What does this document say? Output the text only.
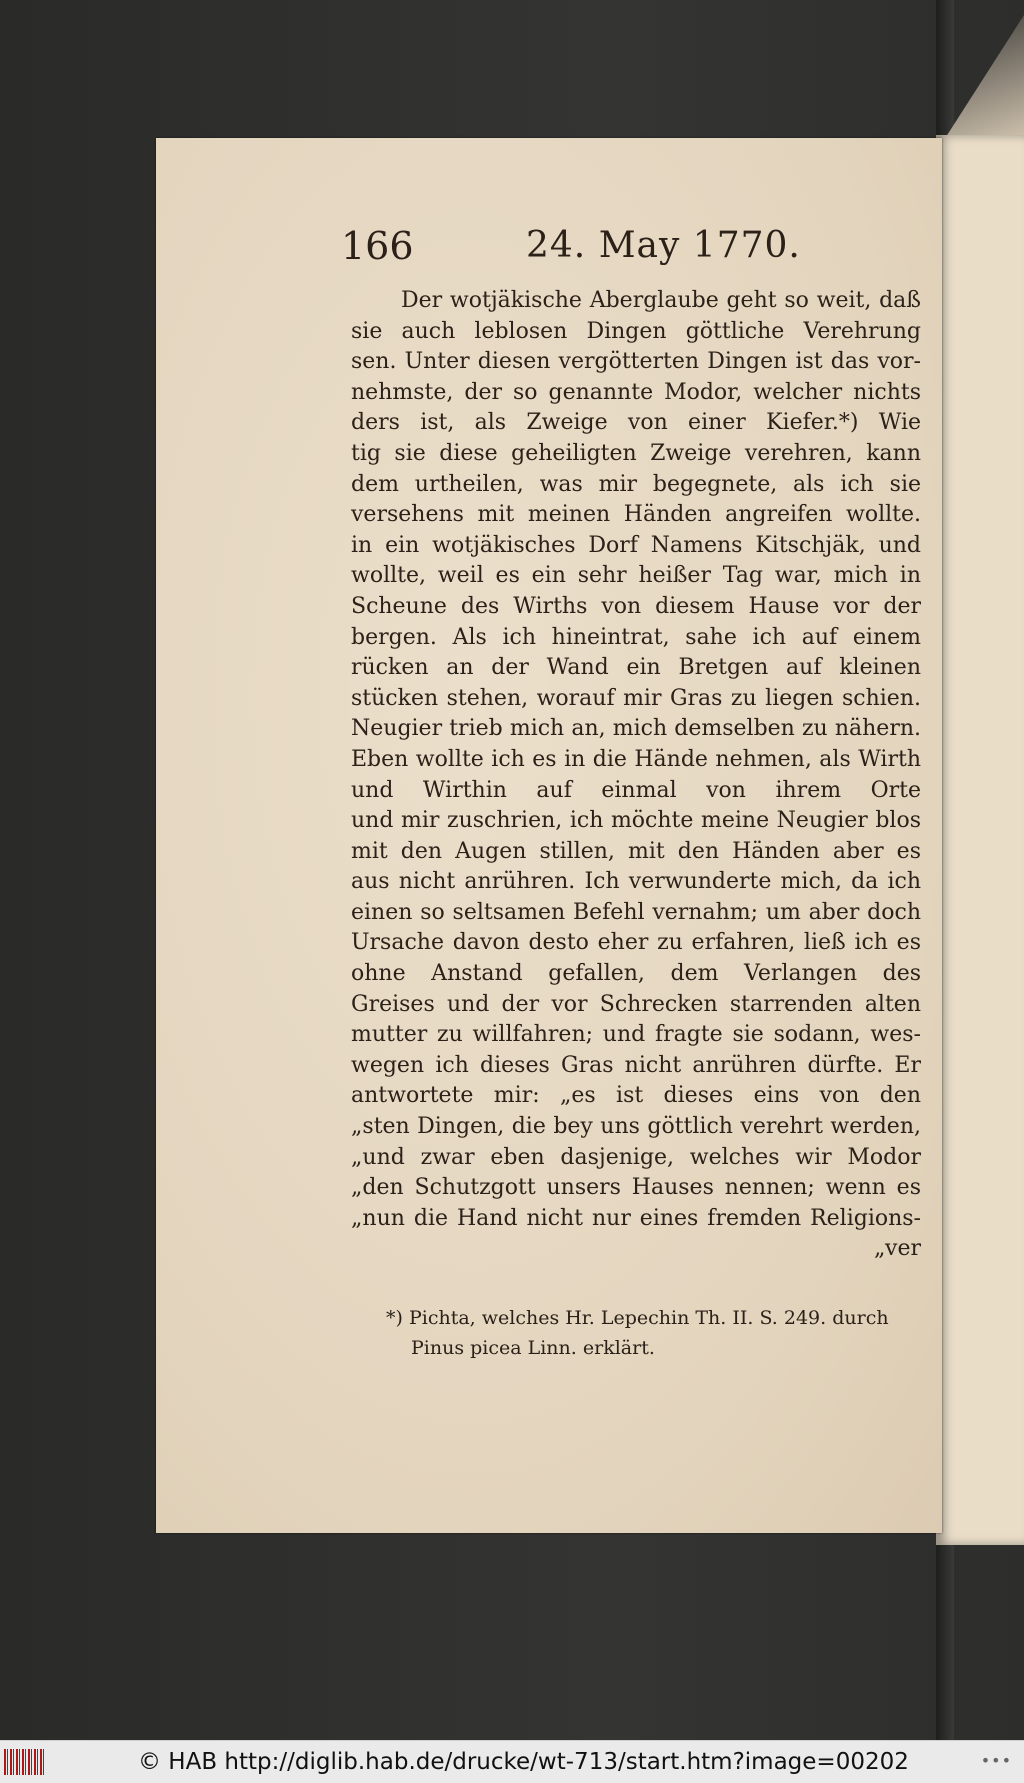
166	24. May 1770.
Der wotjäkische Aberglaube geht so weit, daß
sie auch leblosen Dingen göttliche Verehrung
sen. Unter diesen vergötterten Dingen ist das vor-
nehmste, der so genannte Modor, welcher nichts
ders ist, als Zweige von einer Kiefer.*) Wie
tig sie diese geheiligten Zweige verehren, kann
dem urtheilen, was mir begegnete, als ich sie
versehens mit meinen Händen angreifen wollte.
in ein wotjäkisches Dorf Namens Kitschjäk, und
wollte, weil es ein sehr heißer Tag war, mich in
Scheune des Wirths von diesem Hause vor der
bergen. Als ich hineintrat, sahe ich auf einem
rücken an der Wand ein Bretgen auf kleinen
stücken stehen, worauf mir Gras zu liegen schien.
Neugier trieb mich an, mich demselben zu nähern.
Eben wollte ich es in die Hände nehmen, als Wirth
und Wirthin auf einmal von ihrem Orte
und mir zuschrien, ich möchte meine Neugier blos
mit den Augen stillen, mit den Händen aber es
aus nicht anrühren. Ich verwunderte mich, da ich
einen so seltsamen Befehl vernahm; um aber doch
Ursache davon desto eher zu erfahren, ließ ich es
ohne Anstand gefallen, dem Verlangen des
Greises und der vor Schrecken starrenden alten
mutter zu willfahren; und fragte sie sodann, wes-
wegen ich dieses Gras nicht anrühren dürfte. Er
antwortete mir: „es ist dieses eins von den
„sten Dingen, die bey uns göttlich verehrt werden,
„und zwar eben dasjenige, welches wir Modor
„den Schutzgott unsers Hauses nennen; wenn es
„nun die Hand nicht nur eines fremden Religions-
„ver
*) Pichta, welches Hr. Lepechin Th. II. S. 249. durch
Pinus picea Linn. erklärt.
© HAB http://diglib.hab.de/drucke/wt-713/start.htm?image=00202	•••
